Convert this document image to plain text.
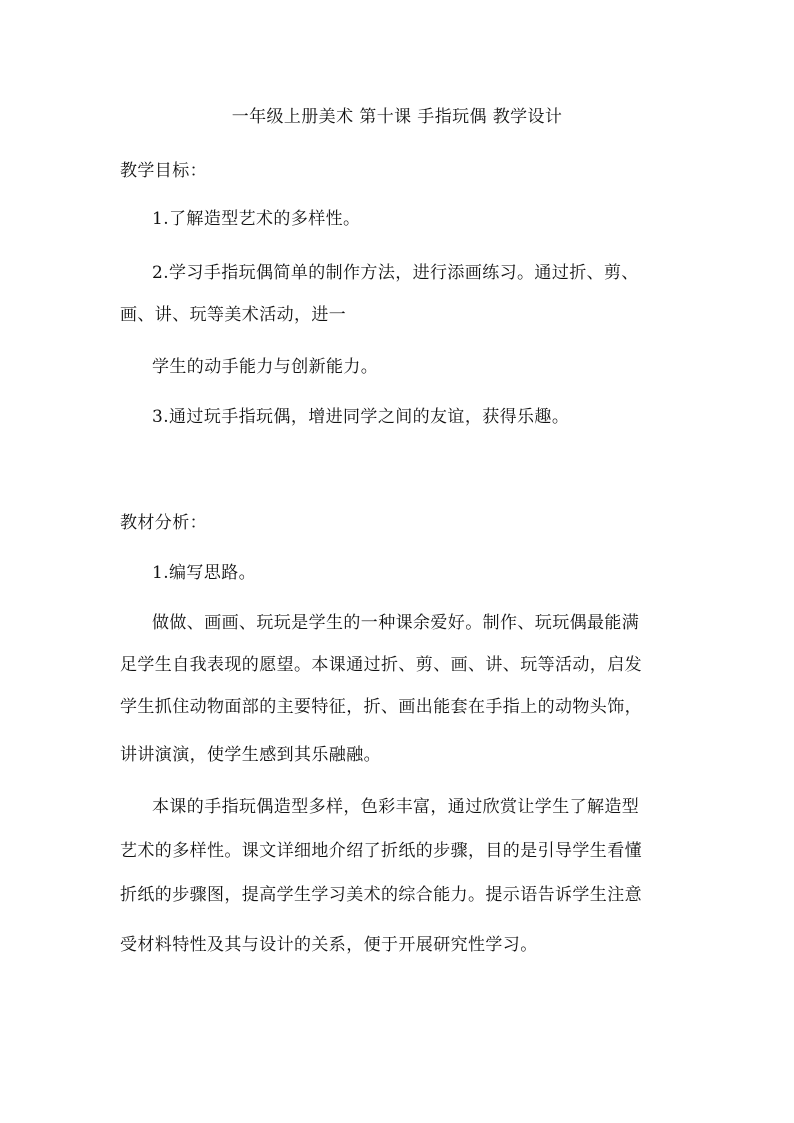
一年级上册美术 第十课 手指玩偶 教学设计
教学目标：
1.了解造型艺术的多样性。
2.学习手指玩偶简单的制作方法，进行添画练习。通过折、剪、
画、讲、玩等美术活动，进一
学生的动手能力与创新能力。
3.通过玩手指玩偶，增进同学之间的友谊，获得乐趣。
教材分析：
1.编写思路。
做做、画画、玩玩是学生的一种课余爱好。制作、玩玩偶最能满
足学生自我表现的愿望。本课通过折、剪、画、讲、玩等活动，启发
学生抓住动物面部的主要特征，折、画出能套在手指上的动物头饰，
讲讲演演，使学生感到其乐融融。
本课的手指玩偶造型多样，色彩丰富，通过欣赏让学生了解造型
艺术的多样性。课文详细地介绍了折纸的步骤，目的是引导学生看懂
折纸的步骤图，提高学生学习美术的综合能力。提示语告诉学生注意
受材料特性及其与设计的关系，便于开展研究性学习。
